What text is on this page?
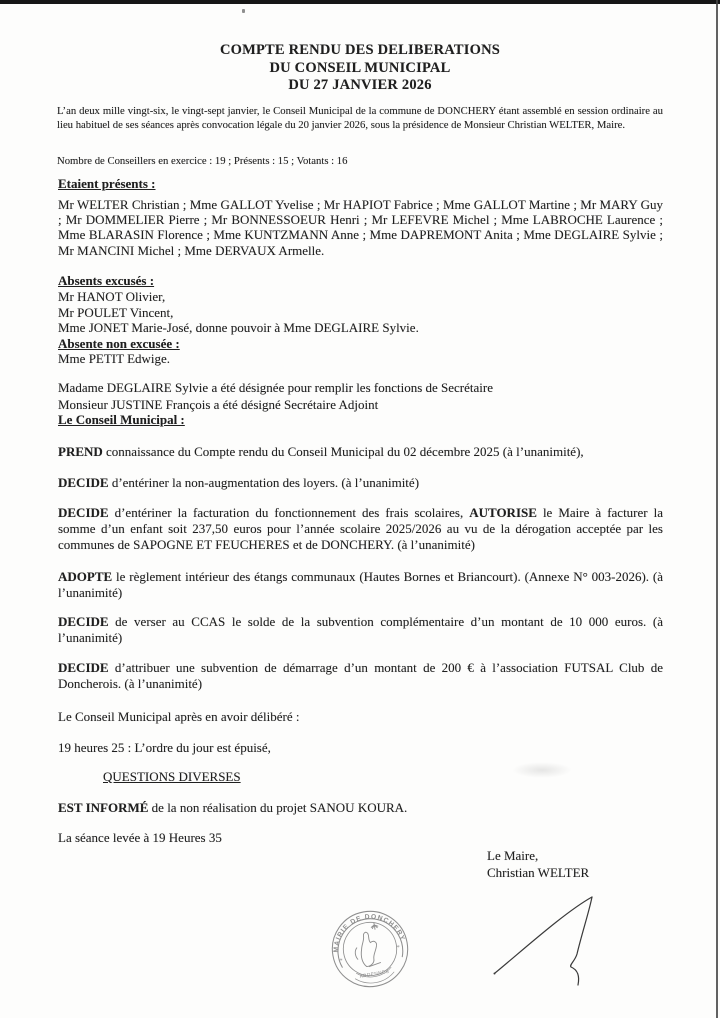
COMPTE RENDU DES DELIBERATIONS
DU CONSEIL MUNICIPAL
DU 27 JANVIER 2026
L’an deux mille vingt-six, le vingt-sept janvier, le Conseil Municipal de la commune de DONCHERY étant assemblé en session ordinaire au lieu habituel de ses séances après convocation légale du 20 janvier 2026, sous la présidence de Monsieur Christian WELTER, Maire.
Nombre de Conseillers en exercice : 19 ; Présents : 15 ; Votants : 16
Etaient présents :
Mr WELTER Christian ; Mme GALLOT Yvelise ; Mr HAPIOT Fabrice ; Mme GALLOT Martine ; Mr MARY Guy ; Mr DOMMELIER Pierre ; Mr BONNESSOEUR Henri ; Mr LEFEVRE Michel ; Mme LABROCHE Laurence ; Mme BLARASIN Florence ; Mme KUNTZMANN Anne ; Mme DAPREMONT Anita ; Mme DEGLAIRE Sylvie ; Mr MANCINI Michel ; Mme DERVAUX Armelle.
Absents excusés :
Mr HANOT Olivier,
Mr POULET Vincent,
Mme JONET Marie-José, donne pouvoir à Mme DEGLAIRE Sylvie.
Absente non excusée :
Mme PETIT Edwige.
Madame DEGLAIRE Sylvie a été désignée pour remplir les fonctions de Secrétaire
Monsieur JUSTINE François a été désigné Secrétaire Adjoint
Le Conseil Municipal :
PREND connaissance du Compte rendu du Conseil Municipal du 02 décembre 2025 (à l’unanimité),
DECIDE d’entériner la non-augmentation des loyers. (à l’unanimité)
DECIDE d’entériner la facturation du fonctionnement des frais scolaires, AUTORISE le Maire à facturer la somme d’un enfant soit 237,50 euros pour l’année scolaire 2025/2026 au vu de la dérogation acceptée par les communes de SAPOGNE ET FEUCHERES et de DONCHERY. (à l’unanimité)
ADOPTE le règlement intérieur des étangs communaux (Hautes Bornes et Briancourt). (Annexe N° 003-2026). (à l’unanimité)
DECIDE de verser au CCAS le solde de la subvention complémentaire d’un montant de 10 000 euros. (à l’unanimité)
DECIDE d’attribuer une subvention de démarrage d’un montant de 200 € à l’association FUTSAL Club de Doncherois. (à l’unanimité)
Le Conseil Municipal après en avoir délibéré :
19 heures 25 : L’ordre du jour est épuisé,
QUESTIONS DIVERSES
EST INFORMÉ de la non réalisation du projet SANOU KOURA.
La séance levée à 19 Heures 35
Le Maire,
Christian WELTER
MAIRIE DE DONCHERY
ARDENNES
*
*
